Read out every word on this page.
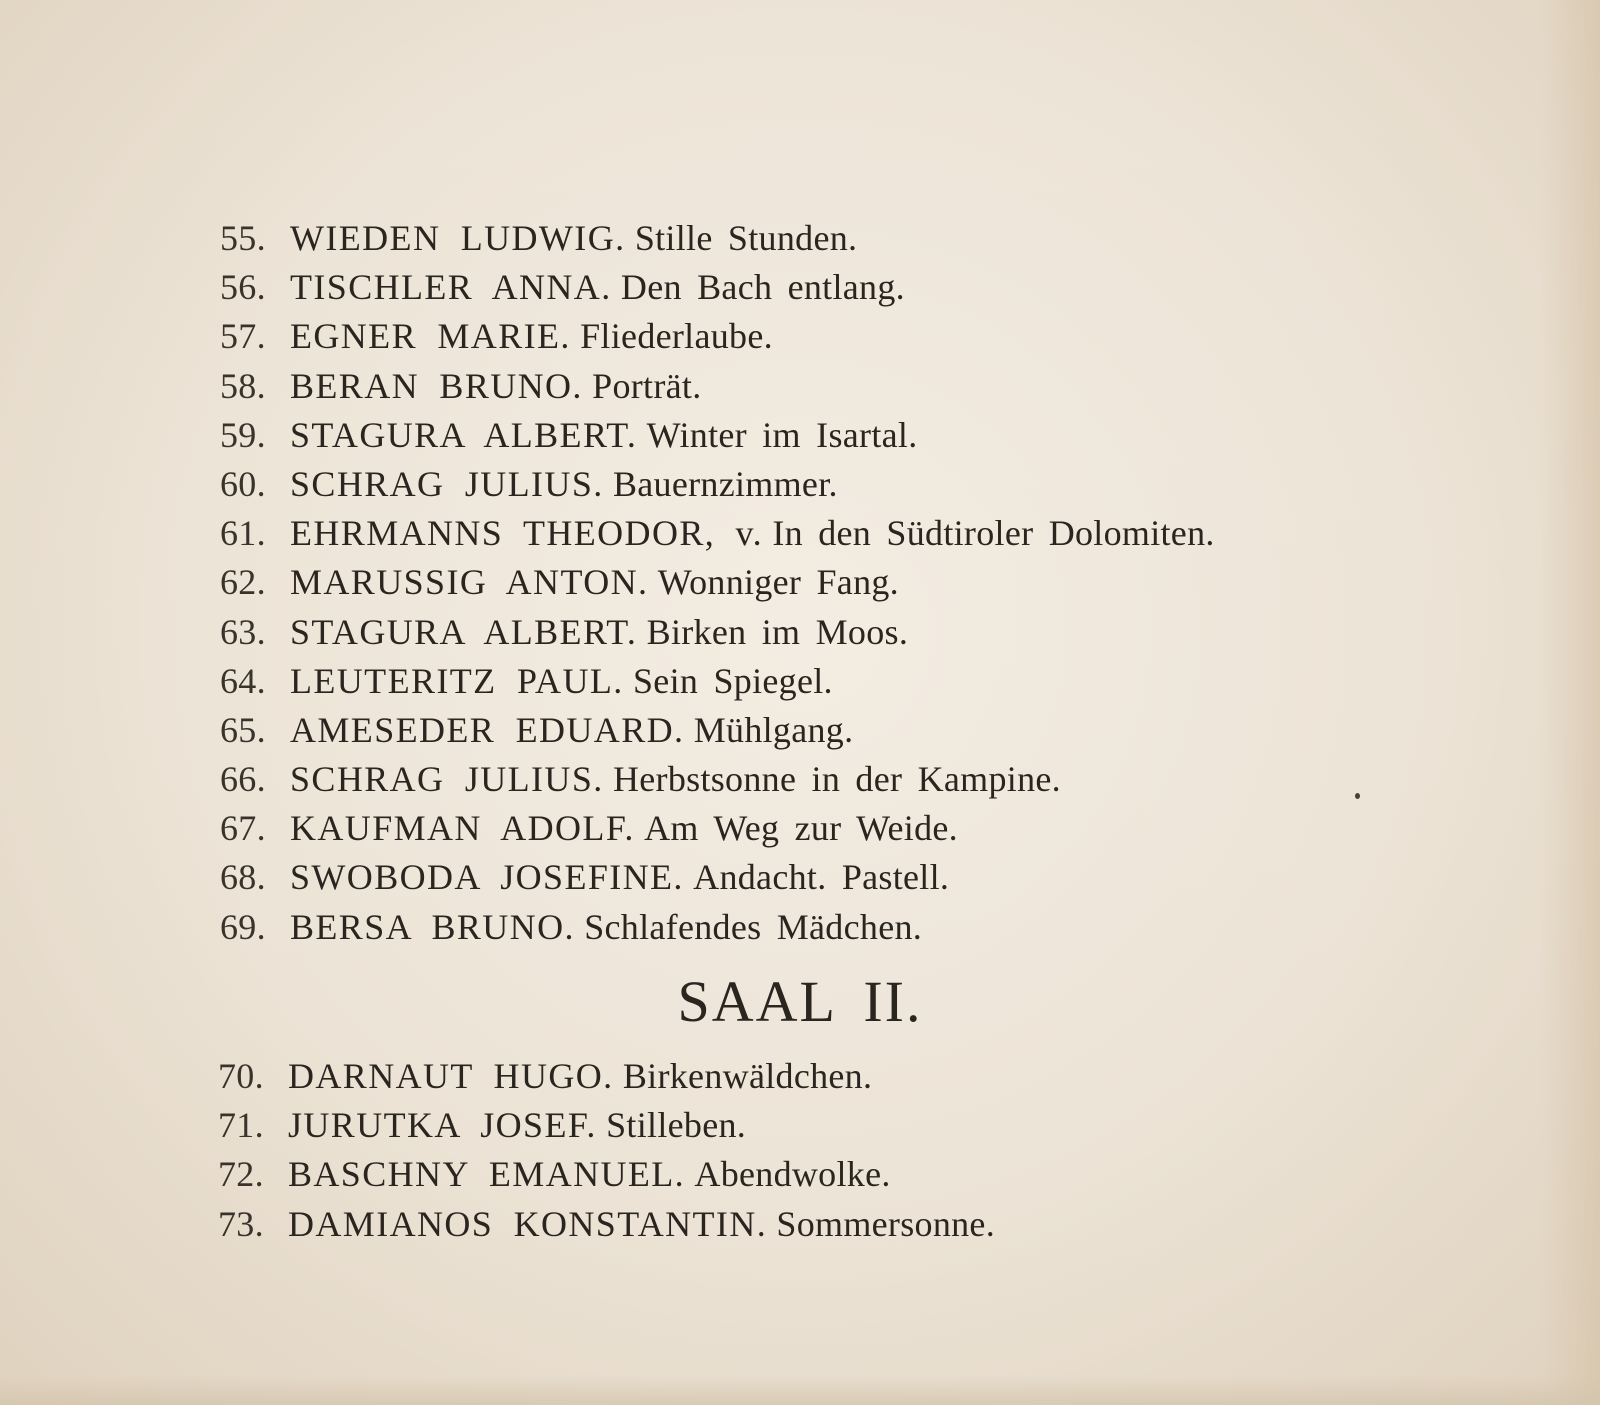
55. WIEDEN LUDWIG. Stille Stunden.
56. TISCHLER ANNA. Den Bach entlang.
57. EGNER MARIE. Fliederlaube.
58. BERAN BRUNO. Porträt.
59. STAGURA ALBERT. Winter im Isartal.
60. SCHRAG JULIUS. Bauernzimmer.
61. EHRMANNS THEODOR, v. In den Südtiroler Dolomiten.
62. MARUSSIG ANTON. Wonniger Fang.
63. STAGURA ALBERT. Birken im Moos.
64. LEUTERITZ PAUL. Sein Spiegel.
65. AMESEDER EDUARD. Mühlgang.
66. SCHRAG JULIUS. Herbstsonne in der Kampine.
67. KAUFMAN ADOLF. Am Weg zur Weide.
68. SWOBODA JOSEFINE. Andacht. Pastell.
69. BERSA BRUNO. Schlafendes Mädchen.
SAAL II.
70. DARNAUT HUGO. Birkenwäldchen.
71. JURUTKA JOSEF. Stilleben.
72. BASCHNY EMANUEL. Abendwolke.
73. DAMIANOS KONSTANTIN. Sommersonne.
